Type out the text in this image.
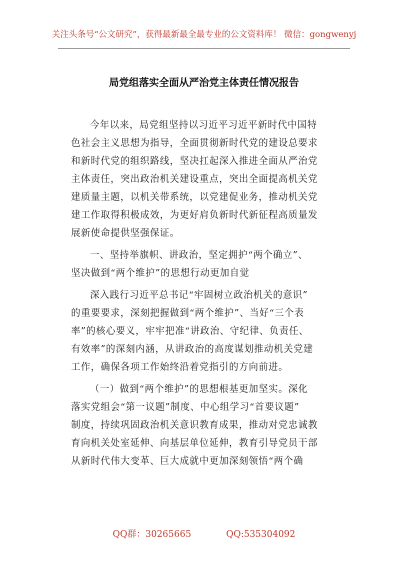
关注头条号“公文研究”，获得最新最全最专业的公文资料库！ 微信：gongwenyj
局党组落实全面从严治党主体责任情况报告

今年以来，局党组坚持以习近平习近平新时代中国特
色社会主义思想为指导，全面贯彻新时代党的建设总要求
和新时代党的组织路线，坚决扛起深入推进全面从严治党
主体责任，突出政治机关建设重点，突出全面提高机关党
建质量主题，以机关带系统，以党建促业务，推动机关党
建工作取得积极成效，为更好肩负新时代新征程高质量发
展新使命提供坚强保证。

一、坚持举旗帜、讲政治，坚定拥护“两个确立”、
坚决做到“两个维护”的思想行动更加自觉

深入践行习近平总书记“牢固树立政治机关的意识”
的重要要求，深刻把握做到“两个维护”、当好“三个表
率”的核心要义，牢牢把准“讲政治、守纪律、负责任、
有效率”的深刻内涵，从讲政治的高度谋划推动机关党建
工作，确保各项工作始终沿着党指引的方向前进。

（一）做到“两个维护”的思想根基更加坚实。深化
落实党组会“第一议题”制度、中心组学习“首要议题”
制度，持续巩固政治机关意识教育成果，推动对党忠诚教
育向机关处室延伸、向基层单位延伸，教育引导党员干部
从新时代伟大变革、巨大成就中更加深刻领悟“两个确

QQ群：30265665	QQ:535304092
